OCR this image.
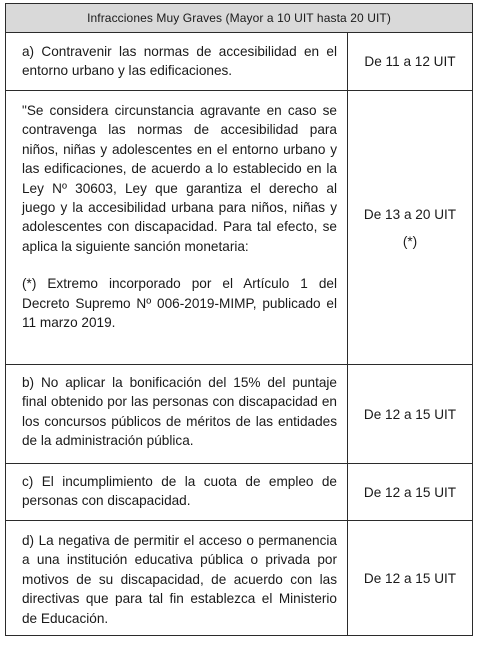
Infracciones Muy Graves (Mayor a 10 UIT hasta 20 UIT)
a) Contravenir las normas de accesibilidad en el entorno urbano y las edificaciones.
De 11 a 12 UIT
"Se considera circunstancia agravante en caso se contravenga las normas de accesibilidad para niños, niñas y adolescentes en el entorno urbano y las edificaciones, de acuerdo a lo establecido en la Ley Nº 30603, Ley que garantiza el derecho al juego y la accesibilidad urbana para niños, niñas y adolescentes con discapacidad. Para tal efecto, se aplica la siguiente sanción monetaria:
(*) Extremo incorporado por el Artículo 1 del Decreto Supremo Nº 006-2019-MIMP, publicado el 11 marzo 2019.
De 13 a 20 UIT
(*)
b) No aplicar la bonificación del 15% del puntaje final obtenido por las personas con discapacidad en los concursos públicos de méritos de las entidades de la administración pública.
De 12 a 15 UIT
c) El incumplimiento de la cuota de empleo de personas con discapacidad.
De 12 a 15 UIT
d) La negativa de permitir el acceso o permanencia a una institución educativa pública o privada por motivos de su discapacidad, de acuerdo con las directivas que para tal fin establezca el Ministerio de Educación.
De 12 a 15 UIT
